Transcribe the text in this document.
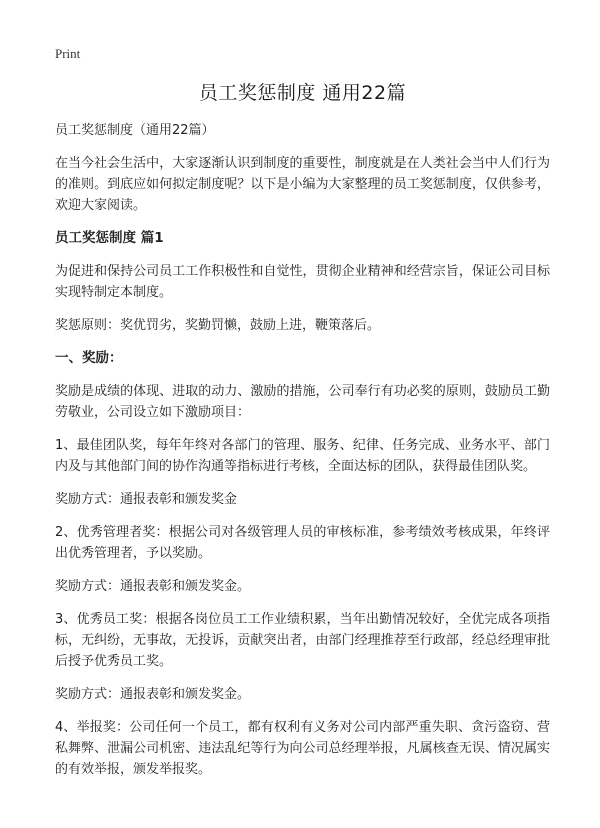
Print
员工奖惩制度 通用22篇

员工奖惩制度（通用22篇）

在当今社会生活中，大家逐渐认识到制度的重要性，制度就是在人类社会当中人们行为的准则。到底应如何拟定制度呢？以下是小编为大家整理的员工奖惩制度，仅供参考，欢迎大家阅读。

员工奖惩制度 篇1

为促进和保持公司员工工作积极性和自觉性，贯彻企业精神和经营宗旨，保证公司目标实现特制定本制度。

奖惩原则：奖优罚劣，奖勤罚懒，鼓励上进，鞭策落后。

一、奖励：

奖励是成绩的体现、进取的动力、激励的措施，公司奉行有功必奖的原则，鼓励员工勤劳敬业，公司设立如下激励项目：

1、最佳团队奖，每年年终对各部门的管理、服务、纪律、任务完成、业务水平、部门内及与其他部门间的协作沟通等指标进行考核，全面达标的团队，获得最佳团队奖。

奖励方式：通报表彰和颁发奖金

2、优秀管理者奖：根据公司对各级管理人员的审核标准，参考绩效考核成果，年终评出优秀管理者，予以奖励。

奖励方式：通报表彰和颁发奖金。

3、优秀员工奖：根据各岗位员工工作业绩积累，当年出勤情况较好，全优完成各项指标，无纠纷，无事故，无投诉，贡献突出者，由部门经理推荐至行政部，经总经理审批后授予优秀员工奖。

奖励方式：通报表彰和颁发奖金。

4、举报奖：公司任何一个员工，都有权利有义务对公司内部严重失职、贪污盗窃、营私舞弊、泄漏公司机密、违法乱纪等行为向公司总经理举报，凡属核查无误、情况属实的有效举报，颁发举报奖。
